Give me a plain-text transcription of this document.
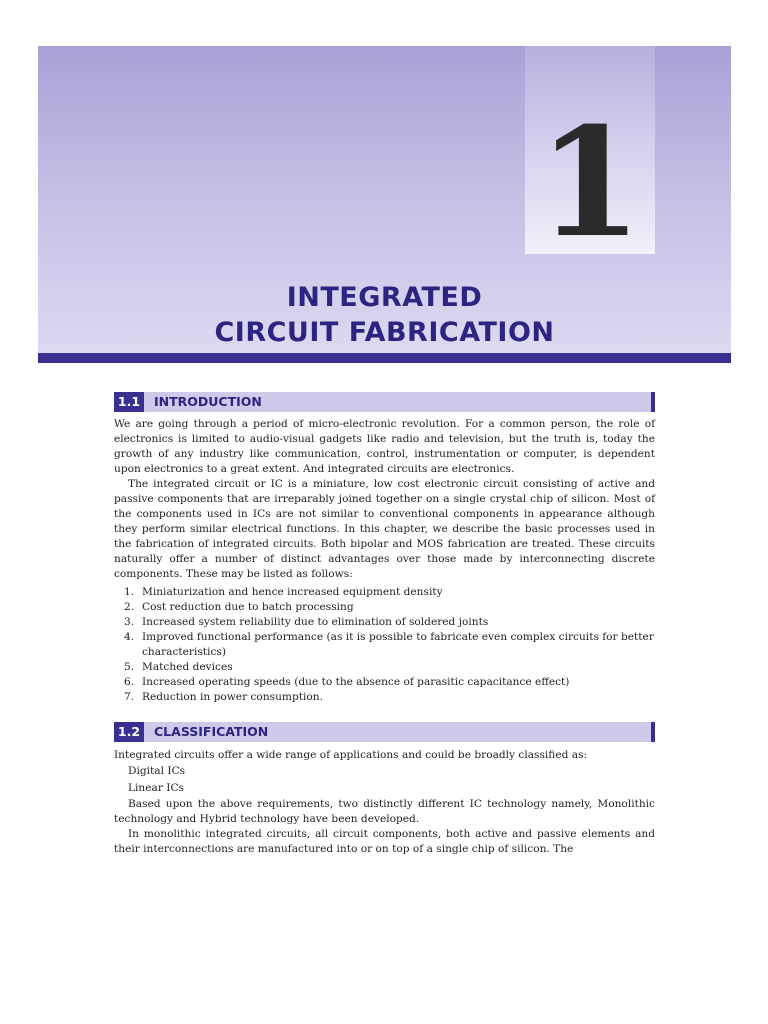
1
INTEGRATED
CIRCUIT FABRICATION
1.1	INTRODUCTION

We are going through a period of micro-electronic revolution. For a common person, the role of electronics is limited to audio-visual gadgets like radio and television, but the truth is, today the growth of any industry like communication, control, instrumentation or computer, is dependent upon electronics to a great extent. And integrated circuits are electronics.

The integrated circuit or IC is a miniature, low cost electronic circuit consisting of active and passive components that are irreparably joined together on a single crystal chip of silicon. Most of the components used in ICs are not similar to conventional components in appearance although they perform similar electrical functions. In this chapter, we describe the basic processes used in the fabrication of integrated circuits. Both bipolar and MOS fabrication are treated. These circuits naturally offer a number of distinct advantages over those made by interconnecting discrete components. These may be listed as follows:

1. Miniaturization and hence increased equipment density
2. Cost reduction due to batch processing
3. Increased system reliability due to elimination of soldered joints
4. Improved functional performance (as it is possible to fabricate even complex circuits for better characteristics)
5. Matched devices
6. Increased operating speeds (due to the absence of parasitic capacitance effect)
7. Reduction in power consumption.
1.2	CLASSIFICATION

Integrated circuits offer a wide range of applications and could be broadly classified as:

Digital ICs

Linear ICs

Based upon the above requirements, two distinctly different IC technology namely, Monolithic technology and Hybrid technology have been developed.

In monolithic integrated circuits, all circuit components, both active and passive elements and their interconnections are manufactured into or on top of a single chip of silicon. The
